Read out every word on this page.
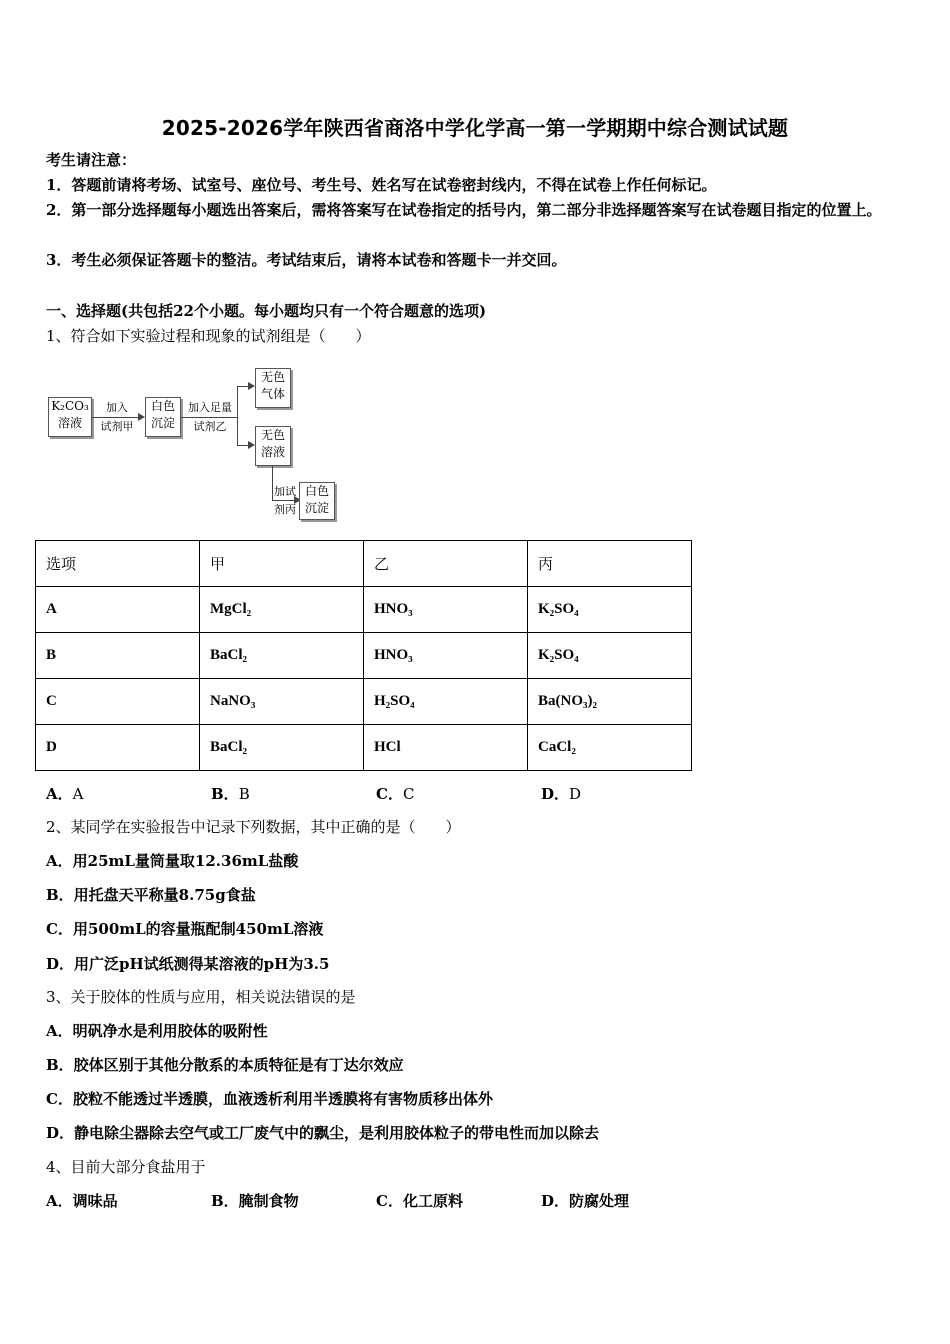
2025-2026学年陕西省商洛中学化学高一第一学期期中综合测试试题
考生请注意：
1．答题前请将考场、试室号、座位号、考生号、姓名写在试卷密封线内，不得在试卷上作任何标记。
2．第一部分选择题每小题选出答案后，需将答案写在试卷指定的括号内，第二部分非选择题答案写在试卷题目指定的位置上。
3．考生必须保证答题卡的整洁。考试结束后，请将本试卷和答题卡一并交回。
一、选择题(共包括22个小题。每小题均只有一个符合题意的选项)
1、符合如下实验过程和现象的试剂组是（　　）
K₂CO₃
溶液
加入
试剂甲
白色
沉淀
加入足量
试剂乙
无色
气体
无色
溶液
加试
剂丙
白色
沉淀
选项	甲	乙	丙
A	MgCl₂	HNO₃	K₂SO₄
B	BaCl₂	HNO₃	K₂SO₄
C	NaNO₃	H₂SO₄	Ba(NO₃)₂
D	BaCl₂	HCl	CaCl₂
A．A	B．B	C．C	D．D
2、某同学在实验报告中记录下列数据，其中正确的是（　　）
A．用25mL量筒量取12.36mL盐酸
B．用托盘天平称量8.75g食盐
C．用500mL的容量瓶配制450mL溶液
D．用广泛pH试纸测得某溶液的pH为3.5
3、关于胶体的性质与应用，相关说法错误的是
A．明矾净水是利用胶体的吸附性
B．胶体区别于其他分散系的本质特征是有丁达尔效应
C．胶粒不能透过半透膜，血液透析利用半透膜将有害物质移出体外
D．静电除尘器除去空气或工厂废气中的飘尘，是利用胶体粒子的带电性而加以除去
4、目前大部分食盐用于
A．调味品	B．腌制食物	C．化工原料	D．防腐处理
